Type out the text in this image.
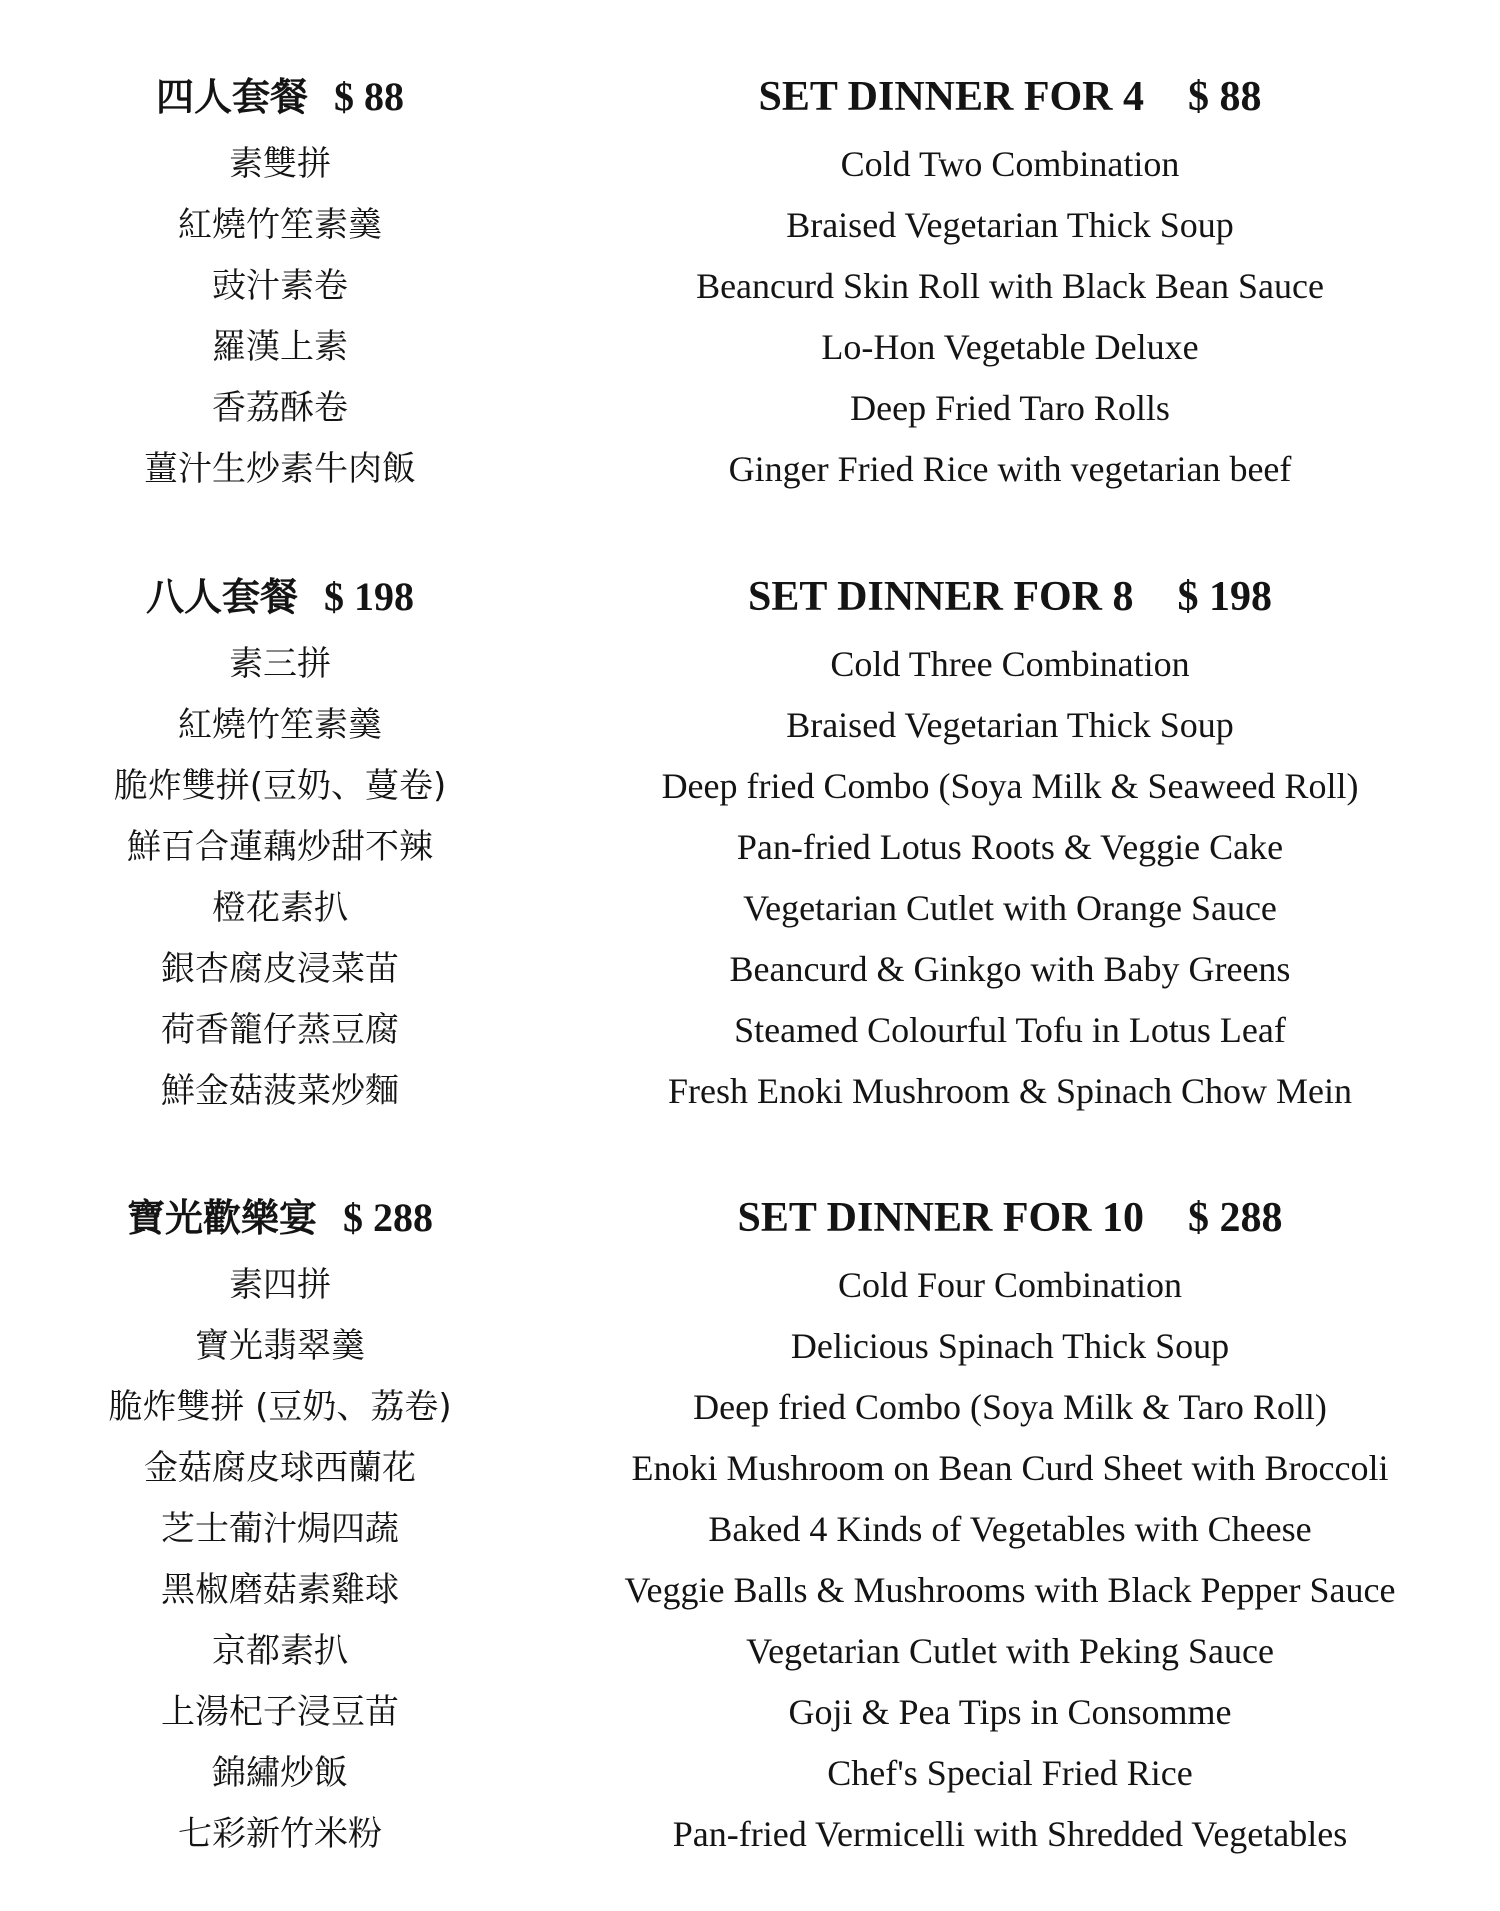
四人套餐 $ 88
素雙拼
紅燒竹笙素羹
豉汁素卷
羅漢上素
香荔酥卷
薑汁生炒素牛肉飯
SET DINNER FOR 4 $ 88
Cold Two Combination
Braised Vegetarian Thick Soup
Beancurd Skin Roll with Black Bean Sauce
Lo-Hon Vegetable Deluxe
Deep Fried Taro Rolls
Ginger Fried Rice with vegetarian beef
八人套餐 $ 198
素三拼
紅燒竹笙素羹
脆炸雙拼(豆奶、蔓卷)
鮮百合蓮藕炒甜不辣
橙花素扒
銀杏腐皮浸菜苗
荷香籠仔蒸豆腐
鮮金菇菠菜炒麵
SET DINNER FOR 8 $ 198
Cold Three Combination
Braised Vegetarian Thick Soup
Deep fried Combo (Soya Milk & Seaweed Roll)
Pan-fried Lotus Roots & Veggie Cake
Vegetarian Cutlet with Orange Sauce
Beancurd & Ginkgo with Baby Greens
Steamed Colourful Tofu in Lotus Leaf
Fresh Enoki Mushroom & Spinach Chow Mein
寶光歡樂宴 $ 288
素四拼
寶光翡翠羹
脆炸雙拼 (豆奶、荔卷)
金菇腐皮球西蘭花
芝士葡汁焗四蔬
黑椒磨菇素雞球
京都素扒
上湯杞子浸豆苗
錦繡炒飯
七彩新竹米粉
SET DINNER FOR 10 $ 288
Cold Four Combination
Delicious Spinach Thick Soup
Deep fried Combo (Soya Milk & Taro Roll)
Enoki Mushroom on Bean Curd Sheet with Broccoli
Baked 4 Kinds of Vegetables with Cheese
Veggie Balls & Mushrooms with Black Pepper Sauce
Vegetarian Cutlet with Peking Sauce
Goji & Pea Tips in Consomme
Chef's Special Fried Rice
Pan-fried Vermicelli with Shredded Vegetables
